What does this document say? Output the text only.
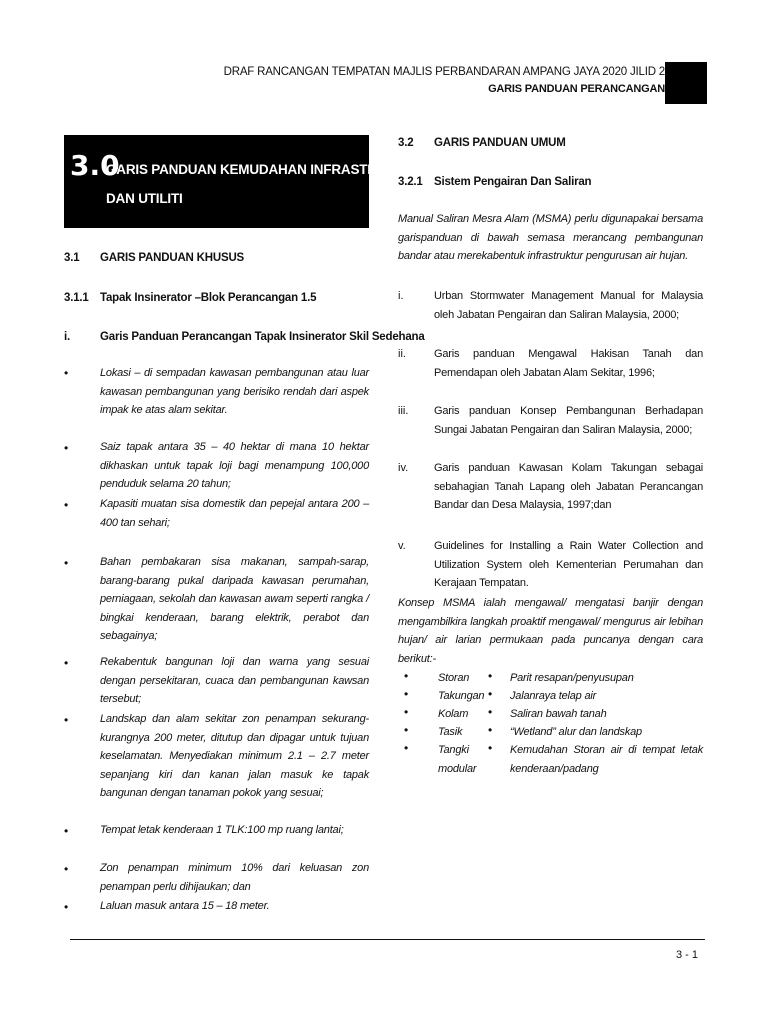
DRAF RANCANGAN TEMPATAN MAJLIS PERBANDARAN AMPANG JAYA 2020 JILID 2
GARIS PANDUAN PERANCANGAN
3.0
GARIS PANDUAN KEMUDAHAN INFRASTRUKTUR
DAN UTILITI
3.1 GARIS PANDUAN KHUSUS
3.1.1 Tapak Insinerator –Blok Perancangan 1.5
i.	Garis Panduan Perancangan Tapak Insinerator Skil Sedehana
•	Lokasi – di sempadan kawasan pembangunan atau luar kawasan pembangunan yang berisiko rendah dari aspek impak ke atas alam sekitar.
•	Saiz tapak antara 35 – 40 hektar di mana 10 hektar dikhaskan untuk tapak loji bagi menampung 100,000 penduduk selama 20 tahun;
•	Kapasiti muatan sisa domestik dan pepejal antara 200 – 400 tan sehari;
•	Bahan pembakaran sisa makanan, sampah-sarap, barang-barang pukal daripada kawasan perumahan, perniagaan, sekolah dan kawasan awam seperti rangka / bingkai kenderaan, barang elektrik, perabot dan sebagainya;
•	Rekabentuk bangunan loji dan warna yang sesuai dengan persekitaran, cuaca dan pembangunan kawsan tersebut;
•	Landskap dan alam sekitar zon penampan sekurang-kurangnya 200 meter, ditutup dan dipagar untuk tujuan keselamatan. Menyediakan minimum 2.1 – 2.7 meter sepanjang kiri dan kanan jalan masuk ke tapak bangunan dengan tanaman pokok yang sesuai;
•	Tempat letak kenderaan 1 TLK:100 mp ruang lantai;
•	Zon penampan minimum 10% dari keluasan zon penampan perlu dihijaukan; dan
•	Laluan masuk antara 15 – 18 meter.
3.2 GARIS PANDUAN UMUM
3.2.1 Sistem Pengairan Dan Saliran
Manual Saliran Mesra Alam (MSMA) perlu digunapakai bersama garispanduan di bawah semasa merancang pembangunan bandar atau merekabentuk infrastruktur pengurusan air hujan.
i.	Urban Stormwater Management Manual for Malaysia oleh Jabatan Pengairan dan Saliran Malaysia, 2000;
ii.	Garis panduan Mengawal Hakisan Tanah dan Pemendapan oleh Jabatan Alam Sekitar, 1996;
iii. Garis panduan Konsep Pembangunan Berhadapan Sungai Jabatan Pengairan dan Saliran Malaysia, 2000;
iv. Garis panduan Kawasan Kolam Takungan sebagai sebahagian Tanah Lapang oleh Jabatan Perancangan Bandar dan Desa Malaysia, 1997;dan
v.	Guidelines for Installing a Rain Water Collection and Utilization System oleh Kementerian Perumahan dan Kerajaan Tempatan.
Konsep MSMA ialah mengawal/ mengatasi banjir dengan mengambilkira langkah proaktif mengawal/ mengurus air lebihan hujan/ air larian permukaan pada puncanya dengan cara berikut:-
•	Storan • Parit resapan/penyusupan
•	Takungan • Jalanraya telap air
•	Kolam • Saliran bawah tanah
•	Tasik • “Wetland” alur dan landskap
•	Tangki modular
• Kemudahan Storan air di tempat letak kenderaan/padang
3 - 1
